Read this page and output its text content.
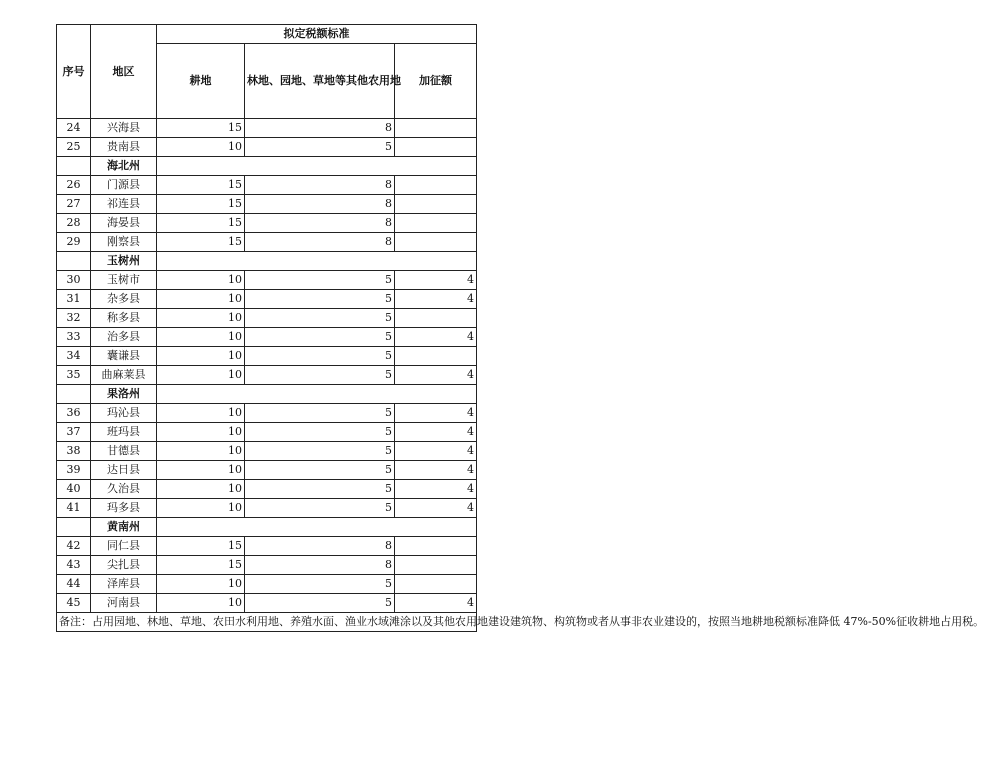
序号	地区	拟定税额标准		
		耕地	林地、园地、草地等其他农用地	加征额
24	兴海县	15	8	
25	贵南县	10	5	
	海北州			
26	门源县	15	8	
27	祁连县	15	8	
28	海晏县	15	8	
29	刚察县	15	8	
	玉树州			
30	玉树市	10	5	4
31	杂多县	10	5	4
32	称多县	10	5	
33	治多县	10	5	4
34	囊谦县	10	5	
35	曲麻莱县	10	5	4
	果洛州			
36	玛沁县	10	5	4
37	班玛县	10	5	4
38	甘德县	10	5	4
39	达日县	10	5	4
40	久治县	10	5	4
41	玛多县	10	5	4
	黄南州			
42	同仁县	15	8	
43	尖扎县	15	8	
44	泽库县	10	5	
45	河南县	10	5	4
备注：占用园地、林地、草地、农田水利用地、养殖水面、渔业水域滩涂以及其他农用地建设建筑物、构筑物或者从事非农业建设的，按照当地耕地税额标准降低 47%-50%征收耕地占用税。				
